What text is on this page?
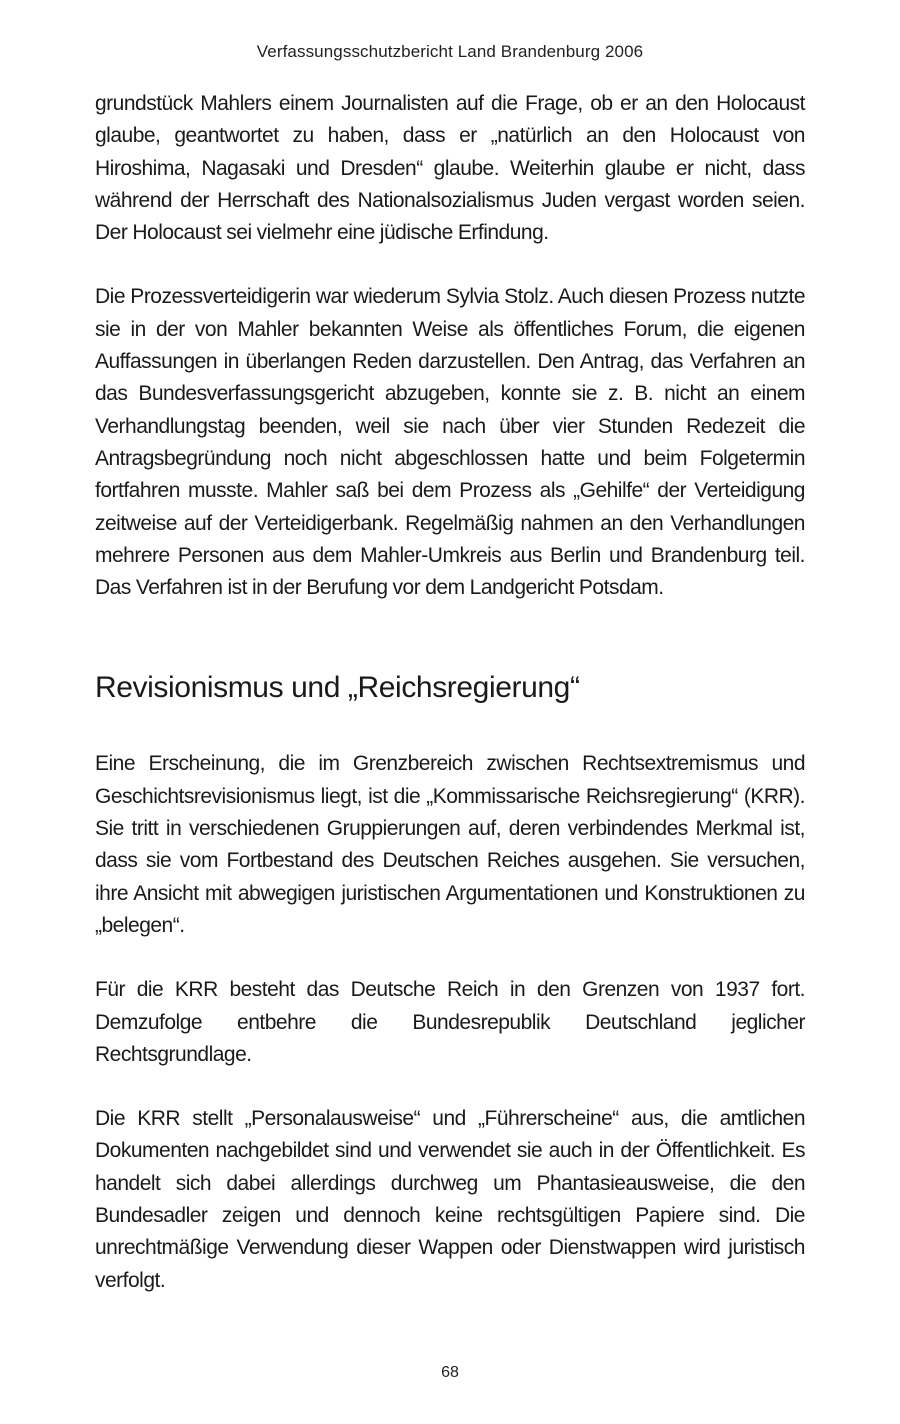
Verfassungsschutzbericht Land Brandenburg 2006

grundstück Mahlers einem Journalisten auf die Frage, ob er an den Holocaust glaube, geantwortet zu haben, dass er „natürlich an den Holocaust von Hiroshima, Nagasaki und Dresden“ glaube. Weiterhin glaube er nicht, dass während der Herrschaft des Nationalsozialismus Juden vergast worden seien. Der Holocaust sei vielmehr eine jüdische Erfindung.

Die Prozessverteidigerin war wiederum Sylvia Stolz. Auch diesen Prozess nutzte sie in der von Mahler bekannten Weise als öffentliches Forum, die eigenen Auffassungen in überlangen Reden darzustellen. Den Antrag, das Verfahren an das Bundesverfassungsgericht abzugeben, konnte sie z. B. nicht an einem Verhandlungstag beenden, weil sie nach über vier Stunden Redezeit die Antragsbegründung noch nicht abgeschlossen hatte und beim Folgetermin fortfahren musste. Mahler saß bei dem Prozess als „Gehilfe“ der Verteidigung zeitweise auf der Verteidigerbank. Regelmäßig nahmen an den Verhandlungen mehrere Personen aus dem Mahler-Umkreis aus Berlin und Brandenburg teil. Das Verfahren ist in der Berufung vor dem Landgericht Potsdam.

Revisionismus und „Reichsregierung“

Eine Erscheinung, die im Grenzbereich zwischen Rechtsextremismus und Geschichtsrevisionismus liegt, ist die „Kommissarische Reichsregierung“ (KRR). Sie tritt in verschiedenen Gruppierungen auf, deren verbindendes Merkmal ist, dass sie vom Fortbestand des Deutschen Reiches ausgehen. Sie versuchen, ihre Ansicht mit abwegigen juristischen Argumentationen und Konstruktionen zu „belegen“.

Für die KRR besteht das Deutsche Reich in den Grenzen von 1937 fort. Demzufolge entbehre die Bundesrepublik Deutschland jeglicher Rechtsgrundlage.

Die KRR stellt „Personalausweise“ und „Führerscheine“ aus, die amtlichen Dokumenten nachgebildet sind und verwendet sie auch in der Öffentlichkeit. Es handelt sich dabei allerdings durchweg um Phantasieausweise, die den Bundesadler zeigen und dennoch keine rechtsgültigen Papiere sind. Die unrechtmäßige Verwendung dieser Wappen oder Dienstwappen wird juristisch verfolgt.

68
